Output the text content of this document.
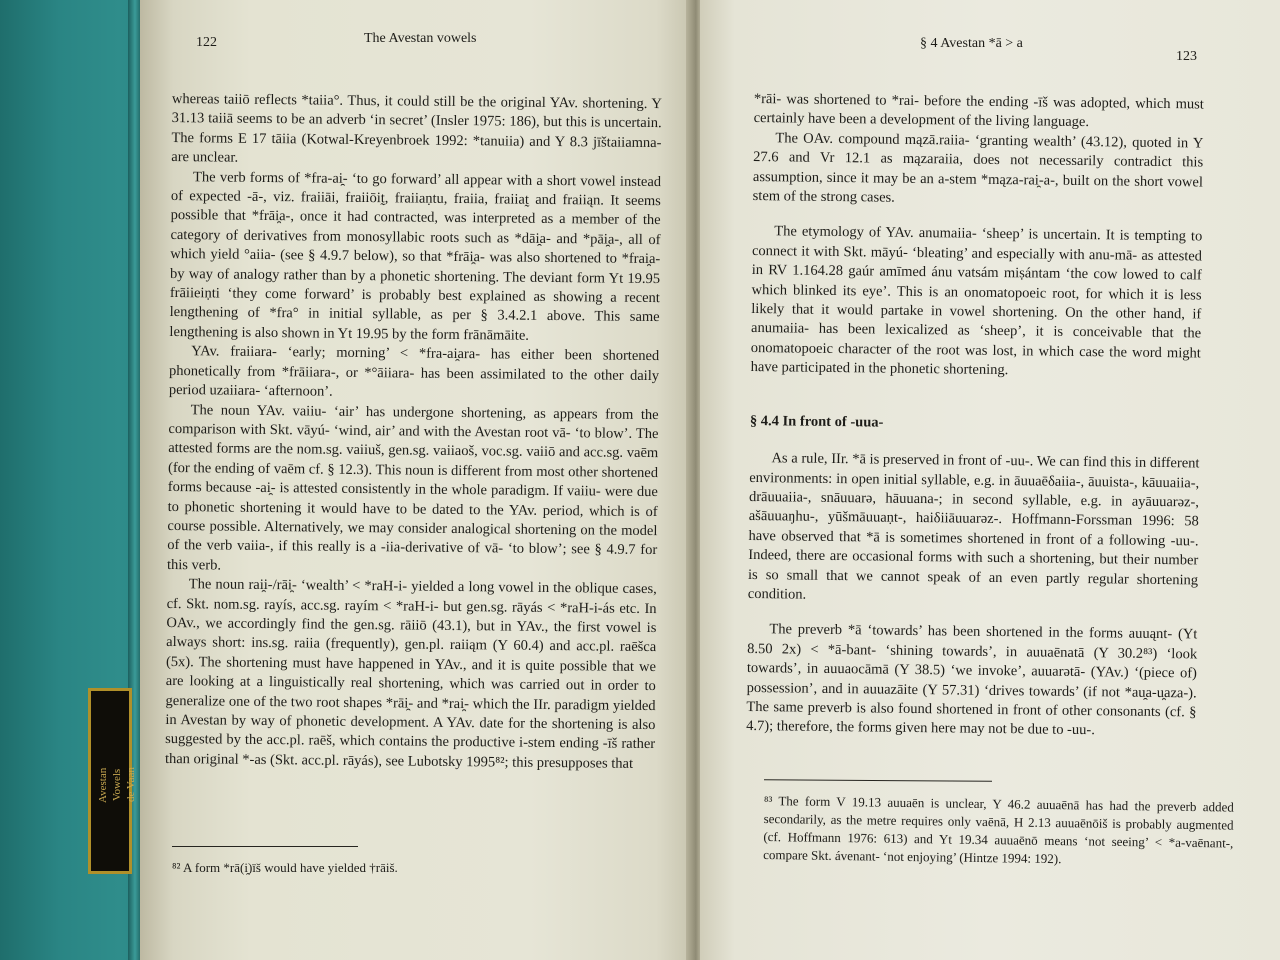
Avestan
Vowels
de Vaan
122	The Avestan vowels

whereas taiiō reflects *taiia°. Thus, it could still be the original YAv. shortening. Y 31.13 taiiā seems to be an adverb ‘in secret’ (Insler 1975: 186), but this is uncertain. The forms E 17 tāiia (Kotwal-Kreyenbroek 1992: *tanuiia) and Y 8.3 jīštaiiamna- are unclear.

The verb forms of *fra-ai̯- ‘to go forward’ all appear with a short vowel instead of expected -ā-, viz. fraiiāi, fraiiōit̰, fraiiaṇtu, fraiia, fraiiat̰ and fraiiąn. It seems possible that *frāi̯a-, once it had contracted, was interpreted as a member of the category of derivatives from monosyllabic roots such as *dāi̯a- and *pāi̯a-, all of which yield °aiia- (see § 4.9.7 below), so that *frāi̯a- was also shortened to *frai̯a- by way of analogy rather than by a phonetic shortening. The deviant form Yt 19.95 frāiieiṇti ‘they come forward’ is probably best explained as showing a recent lengthening of *fra° in initial syllable, as per § 3.4.2.1 above. This same lengthening is also shown in Yt 19.95 by the form frānāmāite.

YAv. fraiiara- ‘early; morning’ < *fra-ai̯ara- has either been shortened phonetically from *frāiiara-, or *°āiiara- has been assimilated to the other daily period uzaiiara- ‘afternoon’.

The noun YAv. vaiiu- ‘air’ has undergone shortening, as appears from the comparison with Skt. vāyú- ‘wind, air’ and with the Avestan root vā- ‘to blow’. The attested forms are the nom.sg. vaiiuš, gen.sg. vaiiaoš, voc.sg. vaiiō and acc.sg. vaēm (for the ending of vaēm cf. § 12.3). This noun is different from most other shortened forms because -ai̯- is attested consistently in the whole paradigm. If vaiiu- were due to phonetic shortening it would have to be dated to the YAv. period, which is of course possible. Alternatively, we may consider analogical shortening on the model of the verb vaiia-, if this really is a -iia-derivative of vā- ‘to blow’; see § 4.9.7 for this verb.

The noun rai̯i-/rāi̯- ‘wealth’ < *raH-i- yielded a long vowel in the oblique cases, cf. Skt. nom.sg. rayís, acc.sg. rayím < *raH-i- but gen.sg. rāyás < *raH-i-ás etc. In OAv., we accordingly find the gen.sg. rāiiō (43.1), but in YAv., the first vowel is always short: ins.sg. raiia (frequently), gen.pl. raiiąm (Y 60.4) and acc.pl. raēšca (5x). The shortening must have happened in YAv., and it is quite possible that we are looking at a linguistically real shortening, which was carried out in order to generalize one of the two root shapes *rāi̯- and *rai̯- which the IIr. paradigm yielded in Avestan by way of phonetic development. A YAv. date for the shortening is also suggested by the acc.pl. raēš, which contains the productive i-stem ending -īš rather than original *-as (Skt. acc.pl. rāyás), see Lubotsky 1995⁸²; this presupposes that

⁸² A form *rā(i̯)īš would have yielded †rāiš.
§ 4 Avestan *ā > a
123

*rāi- was shortened to *rai- before the ending -īš was adopted, which must certainly have been a development of the living language.

The OAv. compound mązā.raiia- ‘granting wealth’ (43.12), quoted in Y 27.6 and Vr 12.1 as mązaraiia, does not necessarily contradict this assumption, since it may be an a-stem *mąza-rai̯-a-, built on the short vowel stem of the strong cases.

The etymology of YAv. anumaiia- ‘sheep’ is uncertain. It is tempting to connect it with Skt. māyú- ‘bleating’ and especially with anu-mā- as attested in RV 1.164.28 gaúr amīmed ánu vatsám miṣántam ‘the cow lowed to calf which blinked its eye’. This is an onomatopoeic root, for which it is less likely that it would partake in vowel shortening. On the other hand, if anumaiia- has been lexicalized as ‘sheep’, it is conceivable that the onomatopoeic character of the root was lost, in which case the word might have participated in the phonetic shortening.

§ 4.4 In front of -uua-

As a rule, IIr. *ā is preserved in front of -uu-. We can find this in different environments: in open initial syllable, e.g. in āuuaēδaiia-, āuuista-, kāuuaiia-, drāuuaiia-, snāuuarə, hāuuana-; in second syllable, e.g. in ayāuuarəz-, ašāuuaŋhu-, yūšmāuuaṇt-, haiδiiāuuarəz-. Hoffmann-Forssman 1996: 58 have observed that *ā is sometimes shortened in front of a following -uu-. Indeed, there are occasional forms with such a shortening, but their number is so small that we cannot speak of an even partly regular shortening condition.

The preverb *ā ‘towards’ has been shortened in the forms auuąnt- (Yt 8.50 2x) < *ā-bant- ‘shining towards’, in auuaēnatā (Y 30.2⁸³) ‘look towards’, in auuaocāmā (Y 38.5) ‘we invoke’, auuarətā- (YAv.) ‘(piece of) possession’, and in auuazāite (Y 57.31) ‘drives towards’ (if not *au̯a-u̯aza-). The same preverb is also found shortened in front of other consonants (cf. § 4.7); therefore, the forms given here may not be due to -uu-.

⁸³ The form V 19.13 auuaēn is unclear, Y 46.2 auuaēnā has had the preverb added secondarily, as the metre requires only vaēnā, H 2.13 auuaēnōiš is probably augmented (cf. Hoffmann 1976: 613) and Yt 19.34 auuaēnō means ‘not seeing’ < *a-vaēnant-, compare Skt. ávenant- ‘not enjoying’ (Hintze 1994: 192).
